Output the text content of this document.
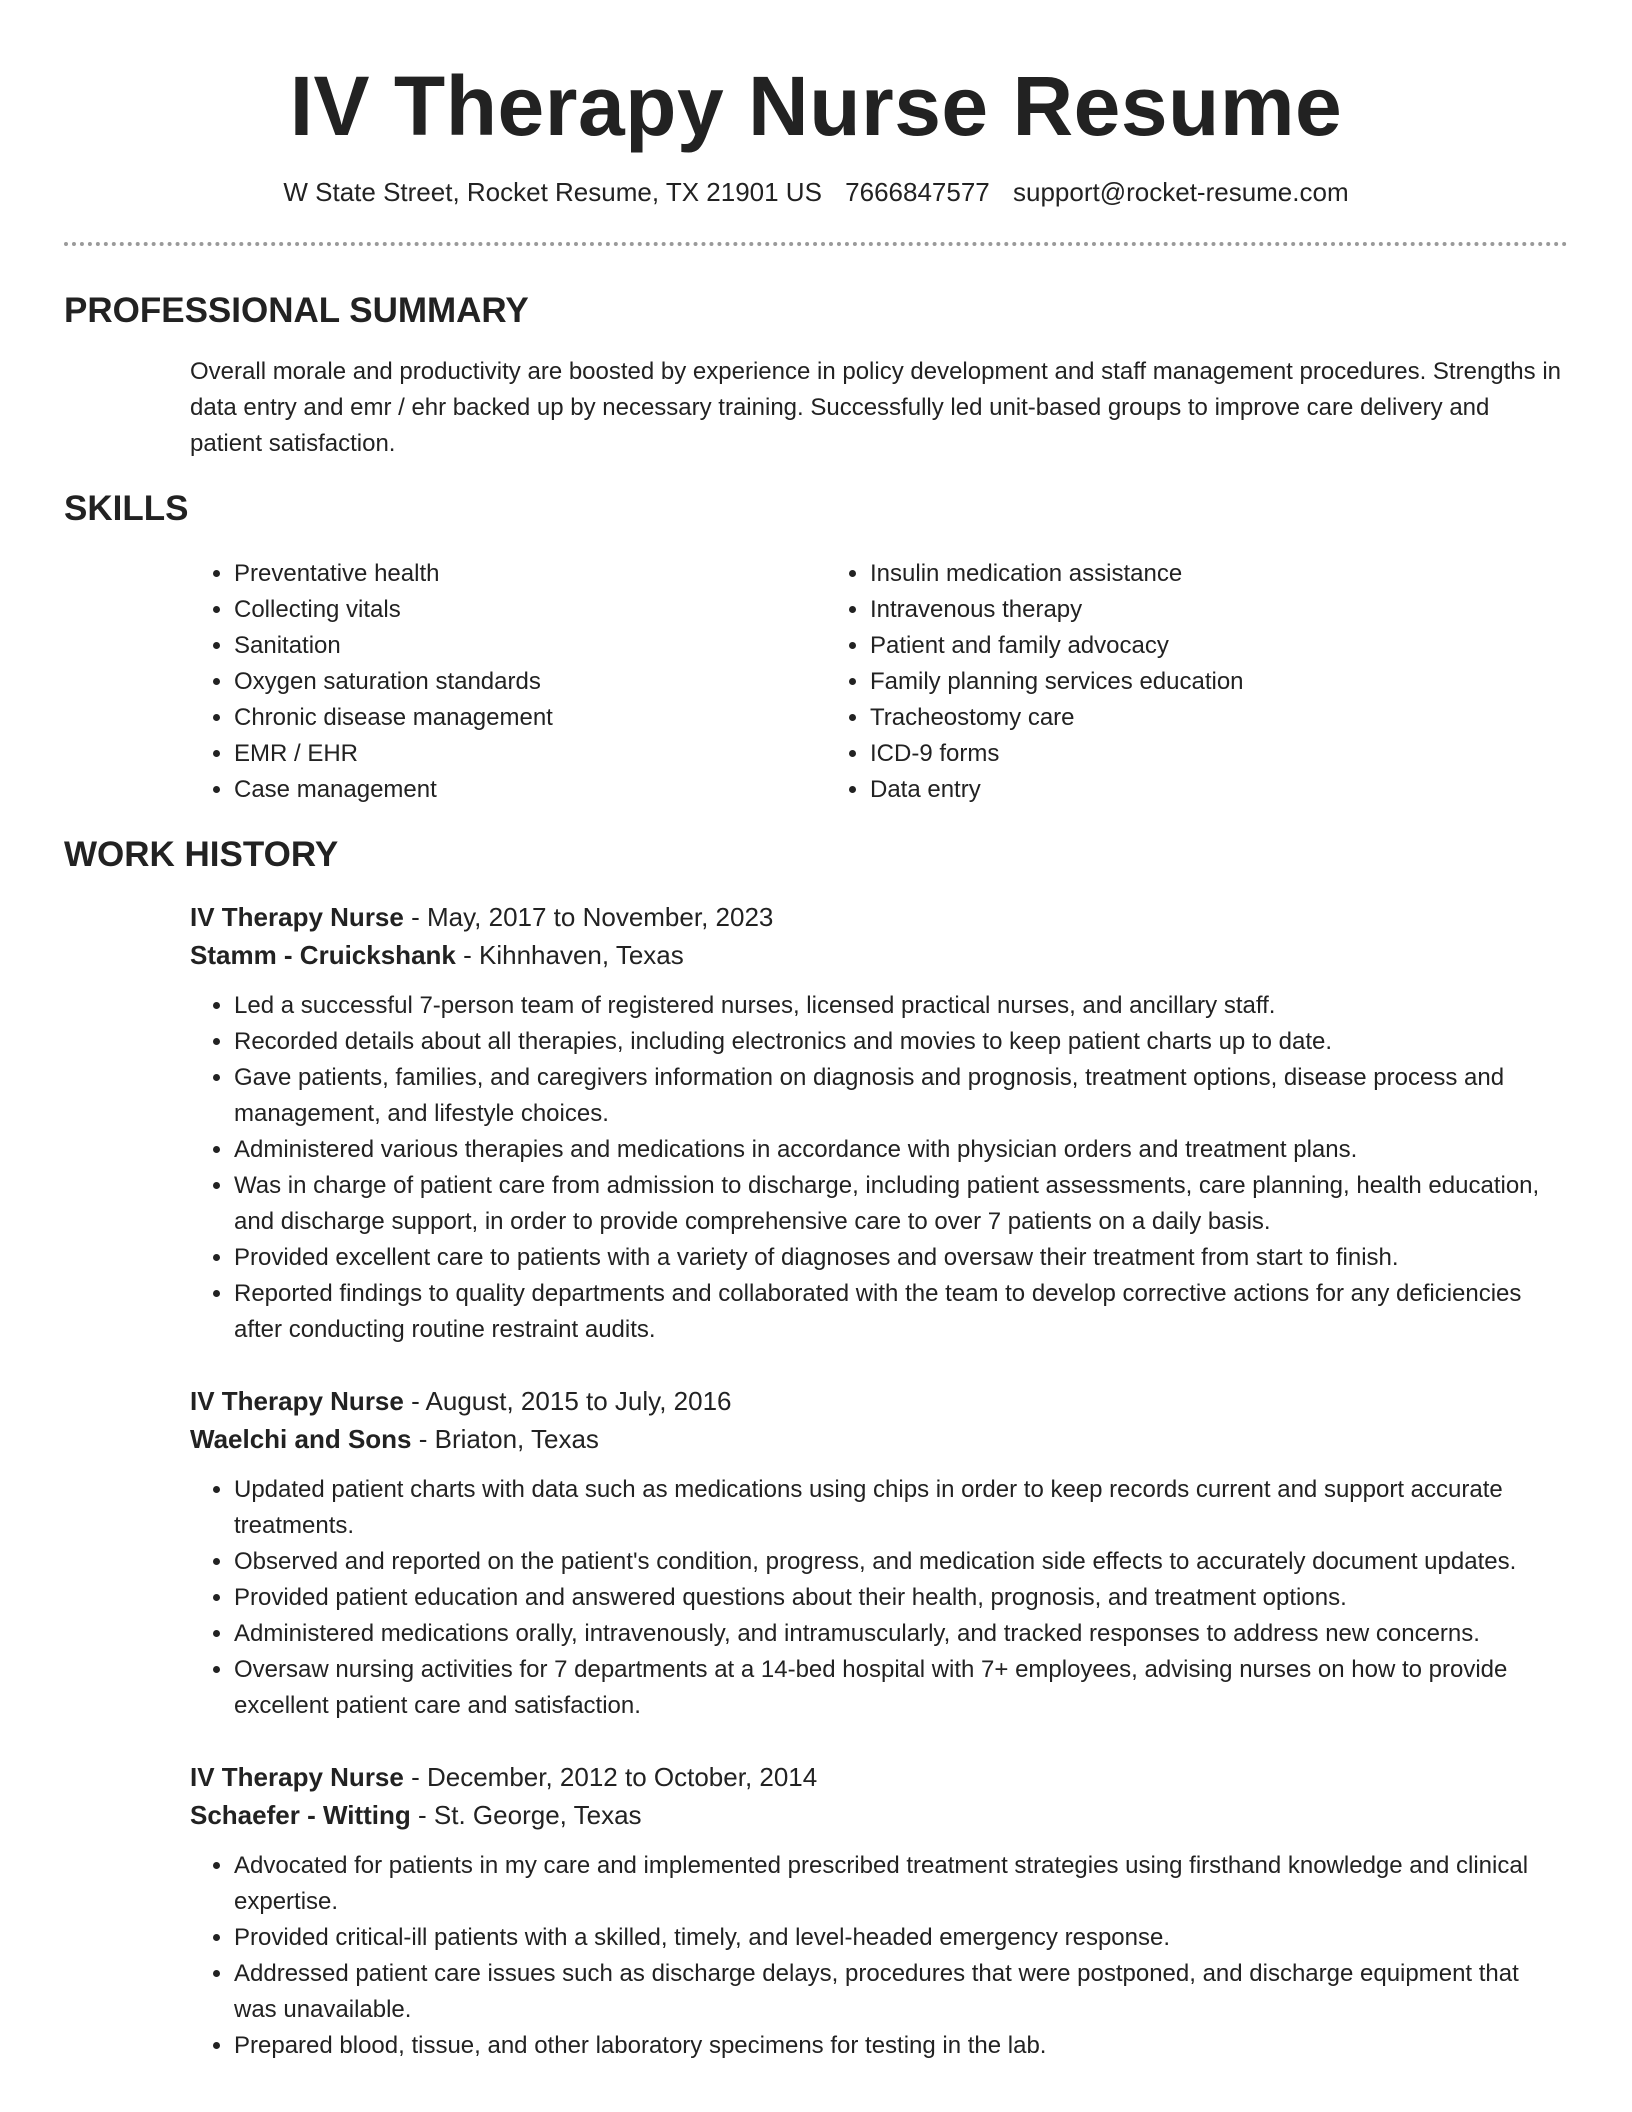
IV Therapy Nurse Resume
W State Street, Rocket Resume, TX 21901 US 7666847577 support@rocket-resume.com
PROFESSIONAL SUMMARY

Overall morale and productivity are boosted by experience in policy development and staff management procedures. Strengths in data entry and emr / ehr backed up by necessary training. Successfully led unit-based groups to improve care delivery and patient satisfaction.

SKILLS
• Preventative health
• Collecting vitals
• Sanitation
• Oxygen saturation standards
• Chronic disease management
• EMR / EHR
• Case management
• Insulin medication assistance
• Intravenous therapy
• Patient and family advocacy
• Family planning services education
• Tracheostomy care
• ICD-9 forms
• Data entry
WORK HISTORY
IV Therapy Nurse - May, 2017 to November, 2023
Stamm - Cruickshank - Kihnhaven, Texas
• Led a successful 7-person team of registered nurses, licensed practical nurses, and ancillary staff.
• Recorded details about all therapies, including electronics and movies to keep patient charts up to date.
• Gave patients, families, and caregivers information on diagnosis and prognosis, treatment options, disease process and management, and lifestyle choices.
• Administered various therapies and medications in accordance with physician orders and treatment plans.
• Was in charge of patient care from admission to discharge, including patient assessments, care planning, health education, and discharge support, in order to provide comprehensive care to over 7 patients on a daily basis.
• Provided excellent care to patients with a variety of diagnoses and oversaw their treatment from start to finish.
• Reported findings to quality departments and collaborated with the team to develop corrective actions for any deficiencies after conducting routine restraint audits.
IV Therapy Nurse - August, 2015 to July, 2016
Waelchi and Sons - Briaton, Texas
• Updated patient charts with data such as medications using chips in order to keep records current and support accurate treatments.
• Observed and reported on the patient's condition, progress, and medication side effects to accurately document updates.
• Provided patient education and answered questions about their health, prognosis, and treatment options.
• Administered medications orally, intravenously, and intramuscularly, and tracked responses to address new concerns.
• Oversaw nursing activities for 7 departments at a 14-bed hospital with 7+ employees, advising nurses on how to provide excellent patient care and satisfaction.
IV Therapy Nurse - December, 2012 to October, 2014
Schaefer - Witting - St. George, Texas
• Advocated for patients in my care and implemented prescribed treatment strategies using firsthand knowledge and clinical expertise.
• Provided critical-ill patients with a skilled, timely, and level-headed emergency response.
• Addressed patient care issues such as discharge delays, procedures that were postponed, and discharge equipment that was unavailable.
• Prepared blood, tissue, and other laboratory specimens for testing in the lab.
